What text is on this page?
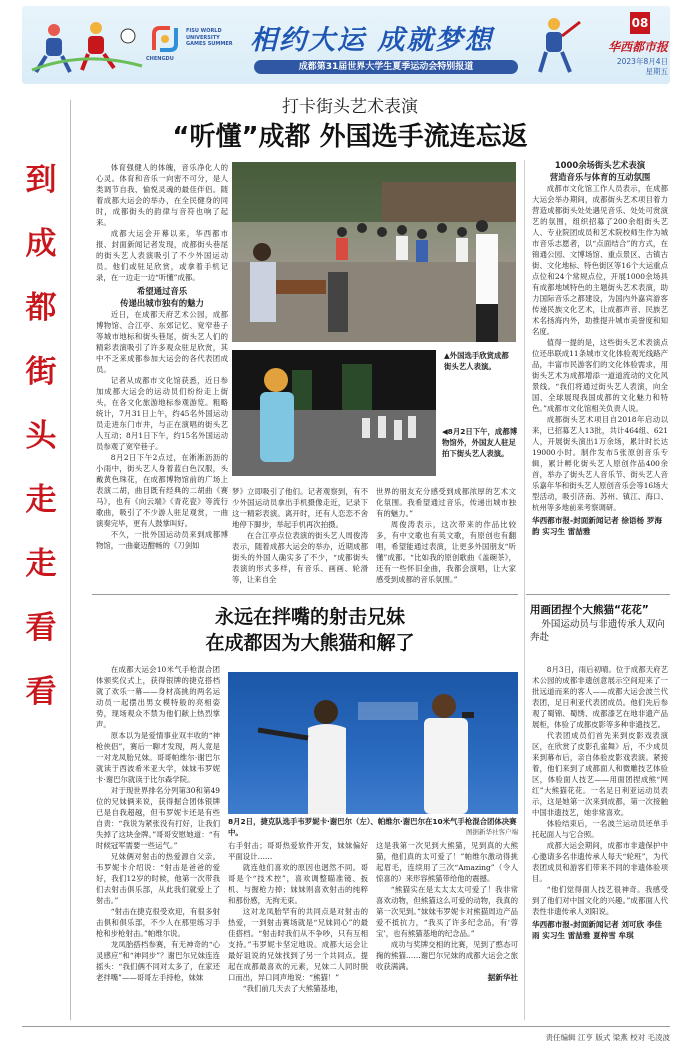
CHENGDU
FISU WORLD UNIVERSITY GAMES SUMMER 相约大运 成就梦想
成都第31届世界大学生夏季运动会特别报道
08
华西都市报
2023年8月4日
星期五
到
成
都
街
头
走
走
看
看
打卡街头艺术表演
“听懂”成都 外国选手流连忘返

体育强健人的体魄，音乐净化人的心灵。体育和音乐一向密不可分，是人类调节自我、愉悦灵魂的最佳伴侣。随着成都大运会的举办，在全民健身的同时，成都街头的韵律与音符也响了起来。

成都大运会开幕以来，华西都市报、封面新闻记者发现，成都街头巷尾的街头艺人表演吸引了不少外国运动员。他们或驻足欣赏，或拿着手机记录，在一边走一边“听懂”成都。

希望通过音乐
传递出城市独有的魅力

近日，在成都天府艺术公园，成都博物馆、合江亭、东郊记忆、宽窄巷子等城市地标和街头巷尾，街头艺人们的精彩表演吸引了许多观众驻足欣赏，其中不乏来成都参加大运会的各代表团成员。

记者从成都市文化馆获悉，近日参加成都大运会的运动员们纷纷走上街头，在各文化旅游地标参观游览。粗略统计，7月31日上午，约45名外国运动员走进东门市井，与正在演唱的街头艺人互动；8月1日下午，约15名外国运动员参观了宽窄巷子。

8月2日下午2点过，在淅淅沥沥的小雨中，街头艺人身着蓝白色汉服，头戴黄色珠花，在成都博物馆前的广场上表演二胡，曲目既有经典的二胡曲《赛马》，也有《向云端》《青花瓷》等流行歌曲，吸引了不少游人驻足观赏，一曲演奏完毕，更有人鼓掌叫好。

不久，一批外国运动员来到成都博物馆，一曲豪迈酣畅的《刀剑如

▲外国选手欣赏成都街头艺人表演。
◀8月2日下午，成都博物馆外，外国友人驻足拍下街头艺人表演。

梦》立即吸引了他们。记者观察到，有不少外国运动员拿出手机摄像走近，记录下这一精彩表演。离开时，还有人恋恋不舍地停下脚步，举起手机再次拍摄。

在合江亭点位表演的街头艺人周俊涛表示，随着成都大运会的举办，近期成都街头的外国人确实多了不少，“成都街头表演的形式多样，有音乐、画画、轮滑等，让来自全

世界的朋友充分感受到成都浓厚的艺术文化氛围。我希望通过音乐，传递出城市独有的魅力。”

周俊涛表示，这次带来的作品比较多，有中文歌也有英文歌，有原创也有翻唱，希望能通过表演，让更多外国朋友“听懂”成都。“比如我的原创歌曲《盖碗茶》，还有一些怀旧金曲，我都会演唱，让大家感受到成都的音乐氛围。”

1000余场街头艺术表演
营造音乐与体育的互动氛围

成都市文化馆工作人员表示，在成都大运会举办期间，成都街头艺术项目着力营造成都街头处处遇见音乐、处处可赏演艺的氛围，组织招募了200余组街头艺人、专业院团成员和艺术院校师生作为城市音乐志愿者，以“点面结合”的方式，在锦通公园、文博场馆、重点景区、古镇古街、文化地标、特色街区等16个大运重点点位和24个常规点位，开展1000余场具有成都地域特色的主题街头艺术表演，助力国际音乐之都建设，为国内外嘉宾游客传递民族文化艺术，让成都声音、民族艺术名扬海内外，助推提升城市美誉度和知名度。

值得一提的是，这些街头艺术表演点位还串联成11条城市文化体验观光线路产品，丰富市民游客们的文化体验需求，用街头艺术为成都增添一道道流动的文化风景线。“我们将通过街头艺人表演，向全国、全球展现我国成都的文化魅力和特色。”成都市文化馆相关负责人说。

成都街头艺术项目自2018年启动以来，已招募艺人13批，共计464组、621人，开展街头演出1万余场，累计时长达19000小时。制作发布5张原创音乐专辑，累计孵化街头艺人原创作品400余首，举办了街头艺人音乐节、街头艺人音乐嘉年华和街头艺人原创音乐会等16场大型活动，吸引济南、苏州、镇江、海口、杭州等多地前来考察调研。

华西都市报-封面新闻记者 徐语杨 罗海韵 实习生 雷喆雅

永远在拌嘴的射击兄妹
在成都因为大熊猫和解了

在成都大运会10米气手枪混合团体颁奖仪式上，获得银牌的捷克搭档就了欢乐一幕——身材高挑的两名运动员一起摆出男女模特般的亮相姿势，现场观众不禁为他们献上热烈掌声。

原本以为是爱情事业双丰收的“神枪侠侣”，赛后一聊才发现，两人竟是一对龙凤胎兄妹。哥哥帕维尔·谢巴尔就读于西波希米亚大学，妹妹韦罗妮卡·谢巴尔就读于比尔森学院。

对于现世界排名分列第30和第49位的兄妹俩来说，获得掘合团体银牌已是自我超越，但韦罗妮卡还是有些自责：“我说为紧张没有打好，让我们失掉了这块金牌。”哥哥安慰她道：“有时候冠军需要一些运气。”

兄妹俩对射击的热爱源自父亲。韦罗妮卡介绍说：“射击是爸爸的爱好，我们12岁的时候，他第一次带我们去射击俱乐部，从此我们就爱上了射击。”

“射击在捷克很受欢迎，有很多射击俱和俱乐部，不少人在那里练习手枪和步枪射击。”帕维尔说。

龙凤胎搭档参赛，有无神奇的“心灵感应”和“神同步”？谢巴尔兄妹连连摇头：“我们俩不同对太多了，在家还老拌嘴”——哥哥左手持枪，妹妹

8月2日，捷克队选手韦罗妮卡·谢巴尔（左）、帕维尔·谢巴尔在10米气手枪混合团体决赛中。	图据新华社客户端

右手射击；哥哥热爱软件开发，妹妹偏好平面设计……

就连他们喜欢的原因也迥然不同。哥哥是个“技术控”，喜欢调整瞄准镜、扳机、与握枪力掉；妹妹则喜欢射击的纯粹和那份感，无拘无束。

这对龙凤胎罕有的共同点是对射击的热爱，一到射击赛场就是“兄妹同心”的最佳搭档。“射击时我们从不争吵，只有互相支持。”韦罗妮卡坚定地说。成都大运会让最好诅说的兄妹找到了另一个共同点。提起在成都最喜欢的元素，兄妹二人同时脱口而出，异口同声地说：“熊猫！”

“我们前几天去了大熊猫基地，

这是我第一次见到大熊猫，见到真的大熊猫，他们真的太可爱了！”帕维尔激动得挑起眉毛，连续用了三次“Amazing”（令人惊喜的）来形容熊猫带给他的震撼。

“熊猫实在是太太太太可爱了！我非常喜欢动物，但熊猫这么可爱的动物，我真的第一次见到。”妹妹韦罗妮卡对熊猫周边产品爱不抵抗力，“我买了许多纪念品，有‘蓉宝’，也有熊猫基地的纪念品。”

成功与奖牌交相的比赛，见到了憨态可掬的熊猫……谢巴尔兄妹的成都大运会之旅收获满满。

据新华社

用画团捏个大熊猫“花花”
外国运动员与非遗传承人双向奔赴

8月3日，雨后初晴。位于成都天府艺术公园的成都非遗创意展示空间迎来了一批远道而来的客人——成都大运会波兰代表团，足日利亚代表团成员。他们先后参观了蜀锦、蜀绣、成都漆艺在地非遗产品展柜，体验了成都皮影等多种非遗技艺。

代表团成员们首先来到皮影戏表演区，在欣赏了皮影孔雀舞》后，不少成员来到幕布后，亲自体验皮影戏表演。紧接着，他们来到了成都面人和微雕技艺体验区，体验面人技艺——用面团捏成熊“网红”大熊猫花花。一名足日利亚运动员表示，这是她第一次来到成都，第一次接触中国非遗技艺，她非常喜欢。

体验结束后，一名波兰运动员还单手托起面人与它合照。

成都大运会期间，成都市非遗保护中心邀请多名非遗传承人每天“轮班”，为代表团成员和游客们带来不同的非遗体验项目。

“他们觉得面人技艺很神奇。我感受到了他们对中国文化的兴趣。”成都面人代表性非遗传承人刘阳说。

华西都市报-封面新闻记者 刘可欣 李佳雨 实习生 雷喆雅 夏梓雪 牟琪

责任编辑 江亨 版式 梁燕 校对 毛凌波
